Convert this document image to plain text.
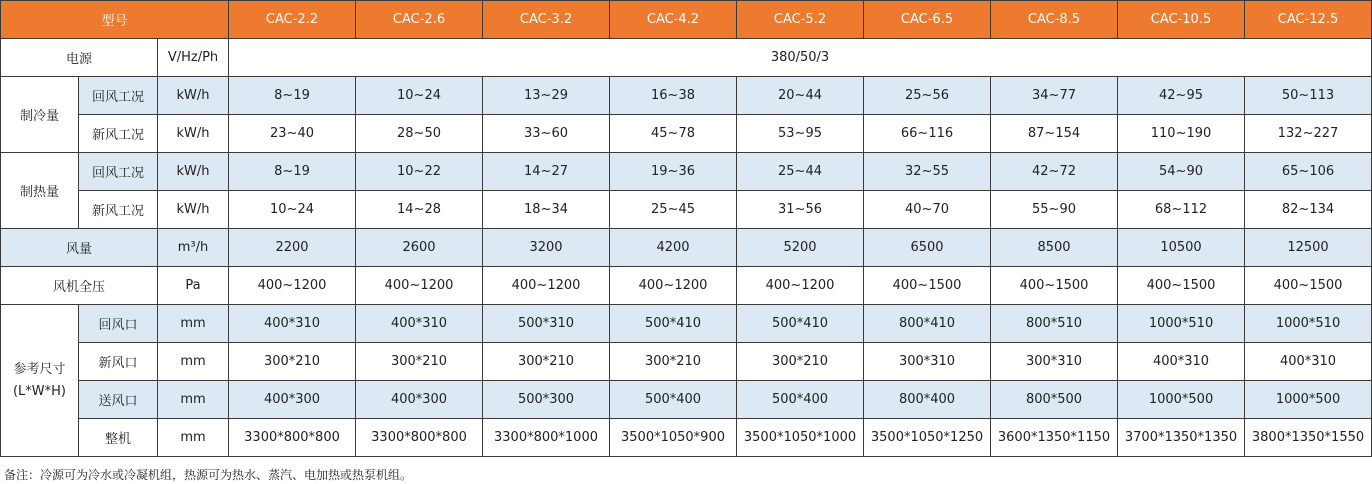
型号			CAC-2.2	CAC-2.6	CAC-3.2	CAC-4.2	CAC-5.2	CAC-6.5	CAC-8.5	CAC-10.5	CAC-12.5
电源		V/Hz/Ph	380/50/3								
制冷量	回风工况	kW/h	8~19	10~24	13~29	16~38	20~44	25~56	34~77	42~95	50~113
	新风工况	kW/h	23~40	28~50	33~60	45~78	53~95	66~116	87~154	110~190	132~227
制热量	回风工况	kW/h	8~19	10~22	14~27	19~36	25~44	32~55	42~72	54~90	65~106
	新风工况	kW/h	10~24	14~28	18~34	25~45	31~56	40~70	55~90	68~112	82~134
风量		m³/h	2200	2600	3200	4200	5200	6500	8500	10500	12500
风机全压		Pa	400~1200	400~1200	400~1200	400~1200	400~1200	400~1500	400~1500	400~1500	400~1500
参考尺寸
(L*W*H)	回风口	mm	400*310	400*310	500*310	500*410	500*410	800*410	800*510	1000*510	1000*510
	新风口	mm	300*210	300*210	300*210	300*210	300*210	300*310	300*310	400*310	400*310
	送风口	mm	400*300	400*300	500*300	500*400	500*400	800*400	800*500	1000*500	1000*500
	整机	mm	3300*800*800	3300*800*800	3300*800*1000	3500*1050*900	3500*1050*1000	3500*1050*1250	3600*1350*1150	3700*1350*1350	3800*1350*1550
备注：冷源可为冷水或冷凝机组，热源可为热水、蒸汽、电加热或热泵机组。
